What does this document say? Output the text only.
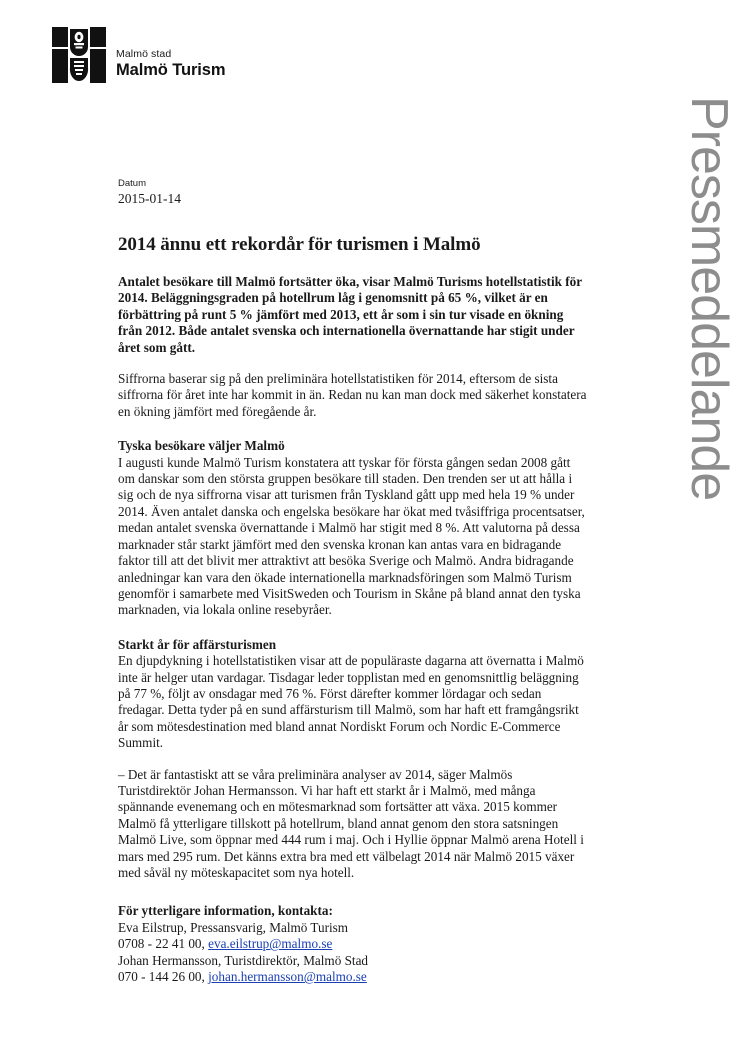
Malmö stad
Malmö Turism
Pressmeddelande
Datum
2015-01-14
2014 ännu ett rekordår för turismen i Malmö

Antalet besökare till Malmö fortsätter öka, visar Malmö Turisms hotellstatistik för 2014. Beläggningsgraden på hotellrum låg i genomsnitt på 65 %, vilket är en förbättring på runt 5 % jämfört med 2013, ett år som i sin tur visade en ökning från 2012. Både antalet svenska och internationella övernattande har stigit under året som gått.

Siffrorna baserar sig på den preliminära hotellstatistiken för 2014, eftersom de sista siffrorna för året inte har kommit in än. Redan nu kan man dock med säkerhet konstatera en ökning jämfört med föregående år.

Tyska besökare väljer Malmö

I augusti kunde Malmö Turism konstatera att tyskar för första gången sedan 2008 gått om danskar som den största gruppen besökare till staden. Den trenden ser ut att hålla i sig och de nya siffrorna visar att turismen från Tyskland gått upp med hela 19 % under 2014. Även antalet danska och engelska besökare har ökat med tvåsiffriga procentsatser, medan antalet svenska övernattande i Malmö har stigit med 8 %. Att valutorna på dessa marknader står starkt jämfört med den svenska kronan kan antas vara en bidragande faktor till att det blivit mer attraktivt att besöka Sverige och Malmö. Andra bidragande anledningar kan vara den ökade internationella marknadsföringen som Malmö Turism genomför i samarbete med VisitSweden och Tourism in Skåne på bland annat den tyska marknaden, via lokala online resebyråer.

Starkt år för affärsturismen

En djupdykning i hotellstatistiken visar att de populäraste dagarna att övernatta i Malmö inte är helger utan vardagar. Tisdagar leder topplistan med en genomsnittlig beläggning på 77 %, följt av onsdagar med 76 %. Först därefter kommer lördagar och sedan fredagar. Detta tyder på en sund affärsturism till Malmö, som har haft ett framgångsrikt år som mötesdestination med bland annat Nordiskt Forum och Nordic E-Commerce Summit.

– Det är fantastiskt att se våra preliminära analyser av 2014, säger Malmös Turistdirektör Johan Hermansson. Vi har haft ett starkt år i Malmö, med många spännande evenemang och en mötesmarknad som fortsätter att växa. 2015 kommer Malmö få ytterligare tillskott på hotellrum, bland annat genom den stora satsningen Malmö Live, som öppnar med 444 rum i maj. Och i Hyllie öppnar Malmö arena Hotell i mars med 295 rum. Det känns extra bra med ett välbelagt 2014 när Malmö 2015 växer med såväl ny möteskapacitet som nya hotell.

För ytterligare information, kontakta:

Eva Eilstrup, Pressansvarig, Malmö Turism

0708 - 22 41 00, eva.eilstrup@malmo.se

Johan Hermansson, Turistdirektör, Malmö Stad

070 - 144 26 00, johan.hermansson@malmo.se
